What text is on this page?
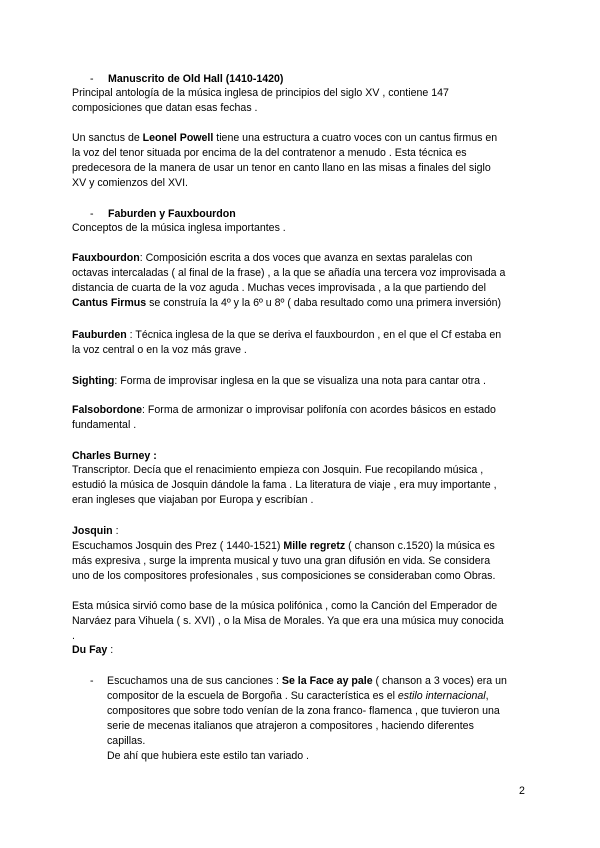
- Manuscrito de Old Hall (1410-1420)
Principal antología de la música inglesa de principios del siglo XV , contiene 147
composiciones que datan esas fechas .
Un sanctus de Leonel Powell tiene una estructura a cuatro voces con un cantus firmus en
la voz del tenor situada por encima de la del contratenor a menudo . Esta técnica es
predecesora de la manera de usar un tenor en canto llano en las misas a finales del siglo
XV y comienzos del XVI.
- Faburden y Fauxbourdon
Conceptos de la música inglesa importantes .
Fauxbourdon: Composición escrita a dos voces que avanza en sextas paralelas con
octavas intercaladas ( al final de la frase) , a la que se añadía una tercera voz improvisada a
distancia de cuarta de la voz aguda . Muchas veces improvisada , a la que partiendo del
Cantus Firmus se construía la 4º y la 6º u 8º ( daba resultado como una primera inversión)
Fauburden : Técnica inglesa de la que se deriva el fauxbourdon , en el que el Cf estaba en
la voz central o en la voz más grave .
Sighting: Forma de improvisar inglesa en la que se visualiza una nota para cantar otra .
Falsobordone: Forma de armonizar o improvisar polifonía con acordes básicos en estado
fundamental .
Charles Burney :
Transcriptor. Decía que el renacimiento empieza con Josquin. Fue recopilando música ,
estudió la música de Josquin dándole la fama . La literatura de viaje , era muy importante ,
eran ingleses que viajaban por Europa y escribían .
Josquin :
Escuchamos Josquin des Prez ( 1440-1521) Mille regretz ( chanson c.1520) la música es
más expresiva , surge la imprenta musical y tuvo una gran difusión en vida. Se considera
uno de los compositores profesionales , sus composiciones se consideraban como Obras.
Esta música sirvió como base de la música polifónica , como la Canción del Emperador de
Narváez para Vihuela ( s. XVI) , o la Misa de Morales. Ya que era una música muy conocida
.
Du Fay :
- Escuchamos una de sus canciones : Se la Face ay pale ( chanson a 3 voces) era un
compositor de la escuela de Borgoña . Su característica es el estilo internacional,
compositores que sobre todo venían de la zona franco- flamenca , que tuvieron una
serie de mecenas italianos que atrajeron a compositores , haciendo diferentes
capillas.
De ahí que hubiera este estilo tan variado .
2
